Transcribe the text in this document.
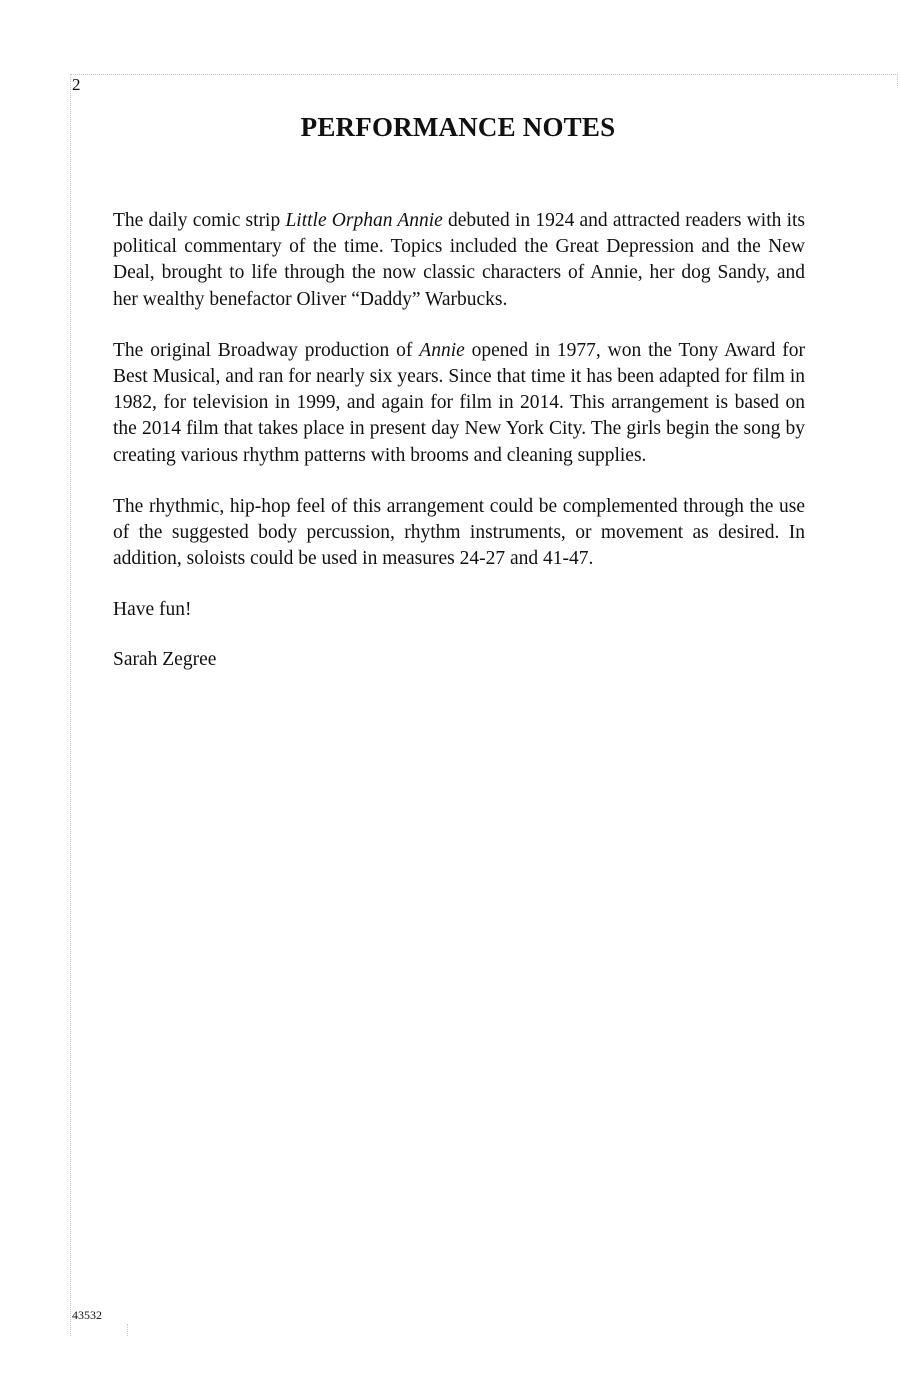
2
PERFORMANCE NOTES

The daily comic strip Little Orphan Annie debuted in 1924 and attracted readers with its political commentary of the time. Topics included the Great Depression and the New Deal, brought to life through the now classic characters of Annie, her dog Sandy, and her wealthy benefactor Oliver “Daddy” Warbucks.

The original Broadway production of Annie opened in 1977, won the Tony Award for Best Musical, and ran for nearly six years. Since that time it has been adapted for film in 1982, for television in 1999, and again for film in 2014. This arrangement is based on the 2014 film that takes place in present day New York City. The girls begin the song by creating various rhythm patterns with brooms and cleaning supplies.

The rhythmic, hip-hop feel of this arrangement could be complemented through the use of the suggested body percussion, rhythm instruments, or movement as desired. In addition, soloists could be used in measures 24-27 and 41-47.

Have fun!

Sarah Zegree

43532
